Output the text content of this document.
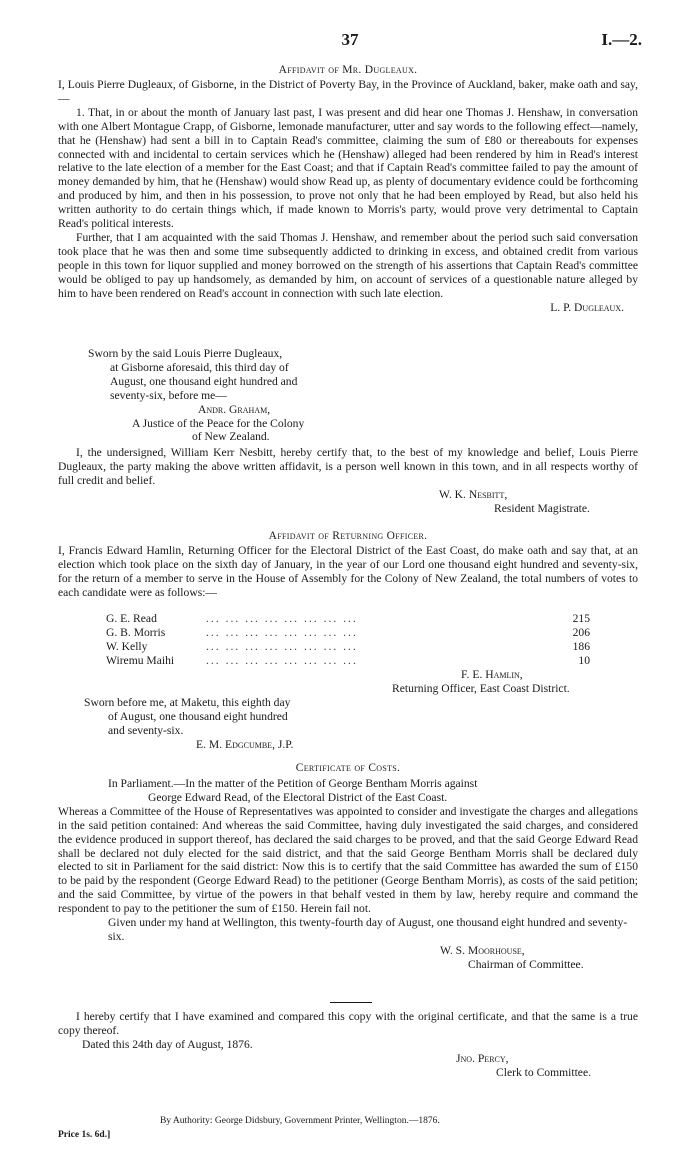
37	I.—2.

Affidavit of Mr. Dugleaux.

I, Louis Pierre Dugleaux, of Gisborne, in the District of Poverty Bay, in the Province of Auckland, baker, make oath and say,—
1. That, in or about the month of January last past, I was present and did hear one Thomas J. Henshaw, in conversation with one Albert Montague Crapp, of Gisborne, lemonade manufacturer, utter and say words to the following effect—namely, that he (Henshaw) had sent a bill in to Captain Read's committee, claiming the sum of £80 or thereabouts for expenses connected with and incidental to certain services which he (Henshaw) alleged had been rendered by him in Read's interest relative to the late election of a member for the East Coast; and that if Captain Read's committee failed to pay the amount of money demanded by him, that he (Henshaw) would show Read up, as plenty of documentary evidence could be forthcoming and produced by him, and then in his possession, to prove not only that he had been employed by Read, but also held his written authority to do certain things which, if made known to Morris's party, would prove very detrimental to Captain Read's political interests.
Further, that I am acquainted with the said Thomas J. Henshaw, and remember about the period such said conversation took place that he was then and some time subsequently addicted to drinking in excess, and obtained credit from various people in this town for liquor supplied and money borrowed on the strength of his assertions that Captain Read's committee would be obliged to pay up handsomely, as demanded by him, on account of services of a questionable nature alleged by him to have been rendered on Read's account in connection with such late election.
L. P. Dugleaux.
Sworn by the said Louis Pierre Dugleaux,
at Gisborne aforesaid, this third day of
August, one thousand eight hundred and
seventy-six, before me—
Andr. Graham,
A Justice of the Peace for the Colony
of New Zealand.
I, the undersigned, William Kerr Nesbitt, hereby certify that, to the best of my knowledge and belief, Louis Pierre Dugleaux, the party making the above written affidavit, is a person well known in this town, and in all respects worthy of full credit and belief.
W. K. Nesbitt,
Resident Magistrate.

Affidavit of Returning Officer.

I, Francis Edward Hamlin, Returning Officer for the Electoral District of the East Coast, do make oath and say that, at an election which took place on the sixth day of January, in the year of our Lord one thousand eight hundred and seventy-six, for the return of a member to serve in the House of Assembly for the Colony of New Zealand, the total numbers of votes to each candidate were as follows:—
G. E. Read	... ... ... ... ... ... ... ...	215
G. B. Morris	... ... ... ... ... ... ... ...	206
W. Kelly	... ... ... ... ... ... ... ...	186
Wiremu Maihi	... ... ... ... ... ... ... ...	10
F. E. Hamlin,
Returning Officer, East Coast District.
Sworn before me, at Maketu, this eighth day
of August, one thousand eight hundred
and seventy-six.
E. M. Edgcumbe, J.P.

Certificate of Costs.

In Parliament.—In the matter of the Petition of George Bentham Morris against
George Edward Read, of the Electoral District of the East Coast.
Whereas a Committee of the House of Representatives was appointed to consider and investigate the charges and allegations in the said petition contained: And whereas the said Committee, having duly investigated the said charges, and considered the evidence produced in support thereof, has declared the said charges to be proved, and that the said George Edward Read shall be declared not duly elected for the said district, and that the said George Bentham Morris shall be declared duly elected to sit in Parliament for the said district: Now this is to certify that the said Committee has awarded the sum of £150 to be paid by the respondent (George Edward Read) to the petitioner (George Bentham Morris), as costs of the said petition; and the said Committee, by virtue of the powers in that behalf vested in them by law, hereby require and command the respondent to pay to the petitioner the sum of £150. Herein fail not.
Given under my hand at Wellington, this twenty-fourth day of August, one thousand eight hundred and seventy-six.
W. S. Moorhouse,
Chairman of Committee.
I hereby certify that I have examined and compared this copy with the original certificate, and that the same is a true copy thereof.
Dated this 24th day of August, 1876.
Jno. Percy,
Clerk to Committee.
By Authority: George Didsbury, Government Printer, Wellington.—1876.
Price 1s. 6d.]
